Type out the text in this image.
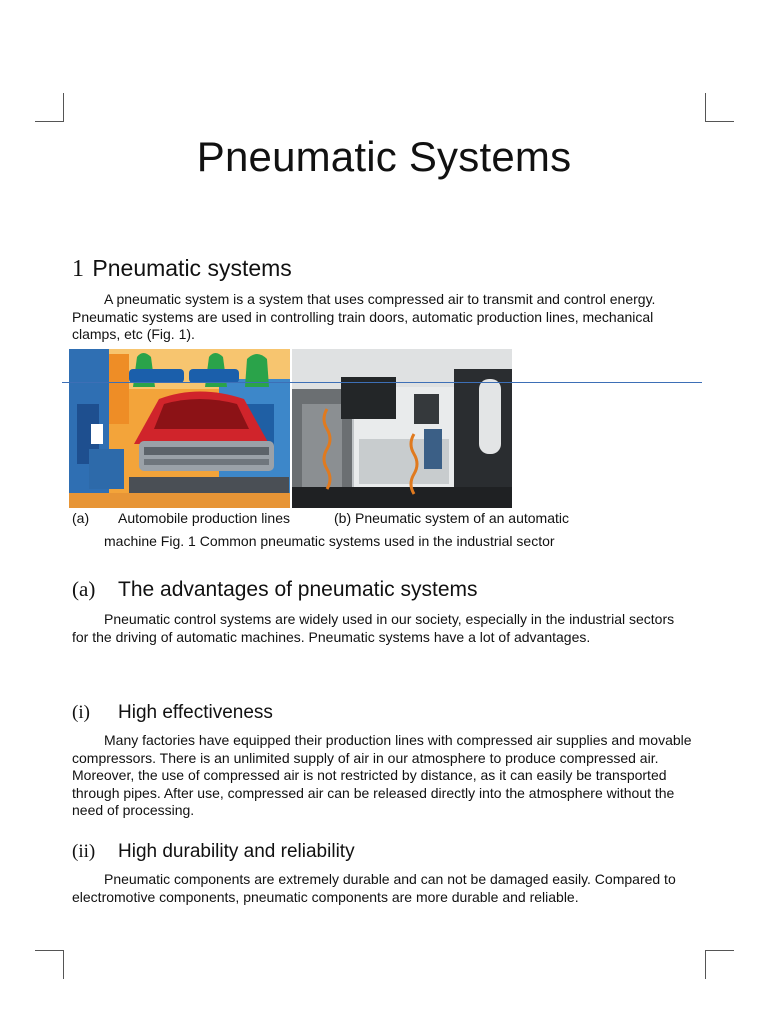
Pneumatic Systems
1 Pneumatic systems

A pneumatic system is a system that uses compressed air to transmit and control energy. Pneumatic systems are used in controlling train doors, automatic production lines, mechanical clamps, etc (Fig. 1).

(a) Automobile production lines	(b) Pneumatic system of an automatic

machine Fig. 1 Common pneumatic systems used in the industrial sector

(a) The advantages of pneumatic systems

Pneumatic control systems are widely used in our society, especially in the industrial sectors for the driving of automatic machines. Pneumatic systems have a lot of advantages.

(i) High effectiveness

Many factories have equipped their production lines with compressed air supplies and movable compressors. There is an unlimited supply of air in our atmosphere to produce compressed air. Moreover, the use of compressed air is not restricted by distance, as it can easily be transported through pipes. After use, compressed air can be released directly into the atmosphere without the need of processing.

(ii) High durability and reliability

Pneumatic components are extremely durable and can not be damaged easily. Compared to electromotive components, pneumatic components are more durable and reliable.
